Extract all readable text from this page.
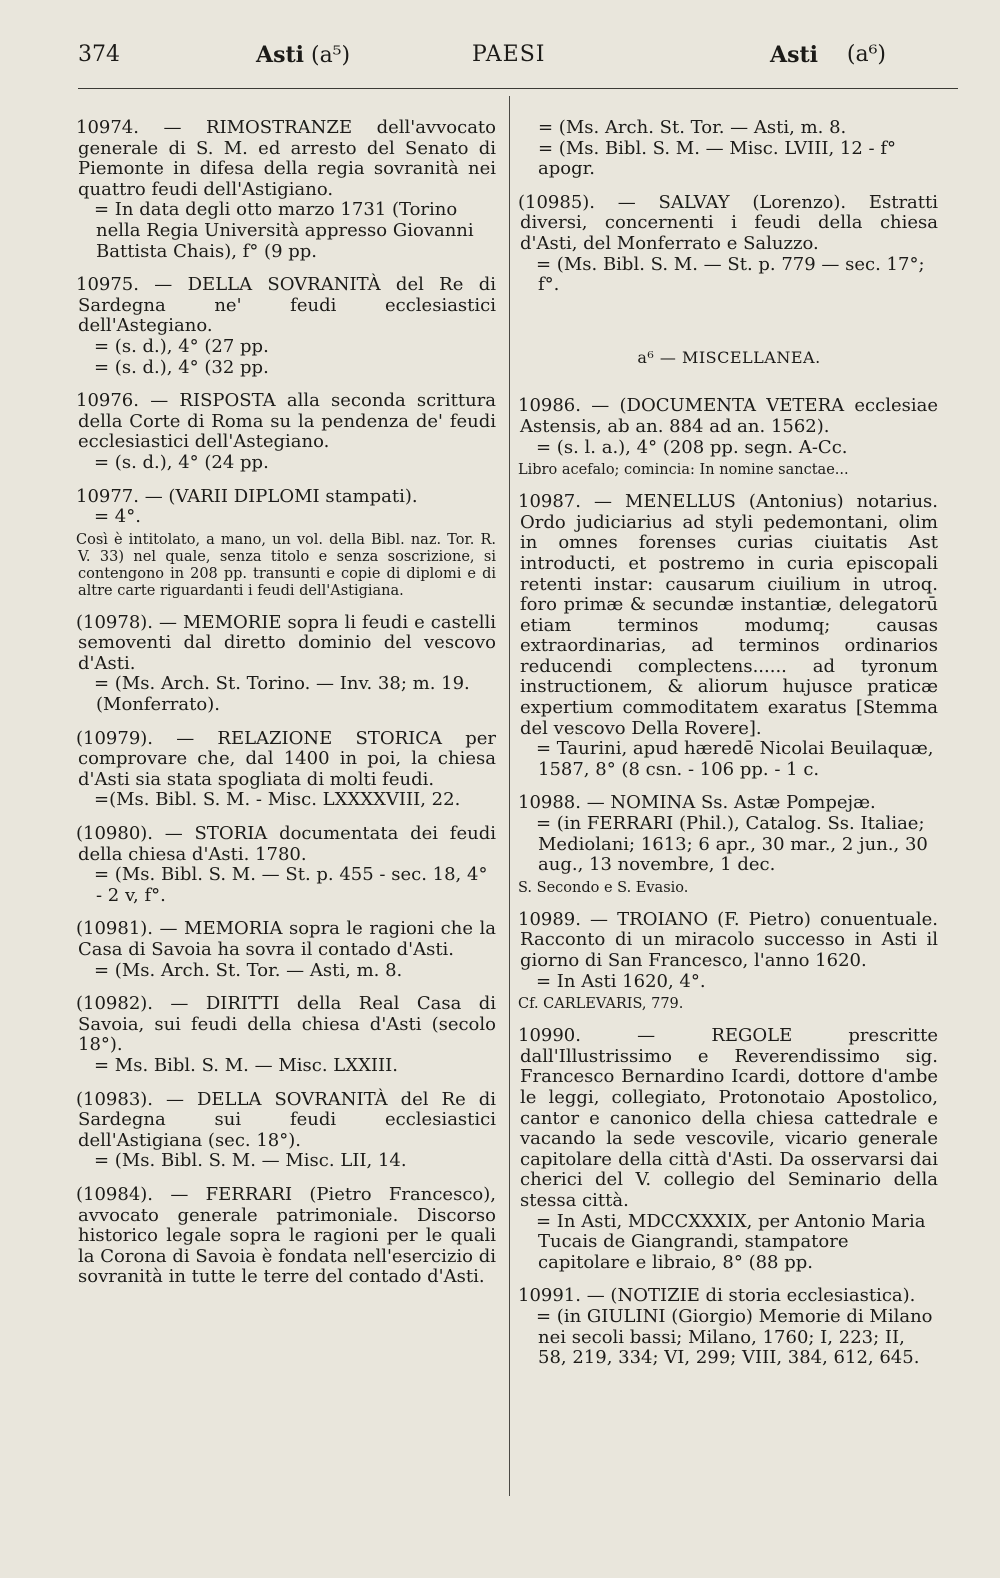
374	Asti (a⁵)	PAESI	Asti (a⁶)
10974. — RIMOSTRANZE dell'avvocato generale di S. M. ed arresto del Senato di Piemonte in difesa della regia sovranità nei quattro feudi dell'Astigiano.
= In data degli otto marzo 1731 (Torino nella Regia Università appresso Giovanni Battista Chais), f° (9 pp.
10975. — DELLA SOVRANITÀ del Re di Sardegna ne' feudi ecclesiastici dell'Astegiano.
= (s. d.), 4° (27 pp.
= (s. d.), 4° (32 pp.
10976. — RISPOSTA alla seconda scrittura della Corte di Roma su la pendenza de' feudi ecclesiastici dell'Astegiano.
= (s. d.), 4° (24 pp.
10977. — (VARII DIPLOMI stampati).
= 4°.
Così è intitolato, a mano, un vol. della Bibl. naz. Tor. R. V. 33) nel quale, senza titolo e senza soscrizione, si contengono in 208 pp. transunti e copie di diplomi e di altre carte riguardanti i feudi dell'Astigiana.
(10978). — MEMORIE sopra li feudi e castelli semoventi dal diretto dominio del vescovo d'Asti.
= (Ms. Arch. St. Torino. — Inv. 38; m. 19. (Monferrato).
(10979). — RELAZIONE STORICA per comprovare che, dal 1400 in poi, la chiesa d'Asti sia stata spogliata di molti feudi.
=(Ms. Bibl. S. M. - Misc. LXXXXVIII, 22.
(10980). — STORIA documentata dei feudi della chiesa d'Asti. 1780.
= (Ms. Bibl. S. M. — St. p. 455 - sec. 18, 4° - 2 v, f°.
(10981). — MEMORIA sopra le ragioni che la Casa di Savoia ha sovra il contado d'Asti.
= (Ms. Arch. St. Tor. — Asti, m. 8.
(10982). — DIRITTI della Real Casa di Savoia, sui feudi della chiesa d'Asti (secolo 18°).
= Ms. Bibl. S. M. — Misc. LXXIII.
(10983). — DELLA SOVRANITÀ del Re di Sardegna sui feudi ecclesiastici dell'Astigiana (sec. 18°).
= (Ms. Bibl. S. M. — Misc. LII, 14.
(10984). — FERRARI (Pietro Francesco), avvocato generale patrimoniale. Discorso historico legale sopra le ragioni per le quali la Corona di Savoia è fondata nell'esercizio di sovranità in tutte le terre del contado d'Asti.
= (Ms. Arch. St. Tor. — Asti, m. 8.
= (Ms. Bibl. S. M. — Misc. LVIII, 12 - f° apogr.
(10985). — SALVAY (Lorenzo). Estratti diversi, concernenti i feudi della chiesa d'Asti, del Monferrato e Saluzzo.
= (Ms. Bibl. S. M. — St. p. 779 — sec. 17°; f°.
a⁶ — MISCELLANEA.
10986. — (DOCUMENTA VETERA ecclesiae Astensis, ab an. 884 ad an. 1562).
= (s. l. a.), 4° (208 pp. segn. A-Cc.
Libro acefalo; comincia: In nomine sanctae...
10987. — MENELLUS (Antonius) notarius. Ordo judiciarius ad styli pedemontani, olim in omnes forenses curias ciuitatis Ast introducti, et postremo in curia episcopali retenti instar: causarum ciuilium in utroq. foro primæ & secundæ instantiæ, delegatorū etiam terminos modumq; causas extraordinarias, ad terminos ordinarios reducendi complectens...... ad tyronum instructionem, & aliorum hujusce praticæ expertium commoditatem exaratus [Stemma del vescovo Della Rovere].
= Taurini, apud hæredē Nicolai Beuilaquæ, 1587, 8° (8 csn. - 106 pp. - 1 c.
10988. — NOMINA Ss. Astæ Pompejæ.
= (in FERRARI (Phil.), Catalog. Ss. Italiae; Mediolani; 1613; 6 apr., 30 mar., 2 jun., 30 aug., 13 novembre, 1 dec.
S. Secondo e S. Evasio.
10989. — TROIANO (F. Pietro) conuentuale. Racconto di un miracolo successo in Asti il giorno di San Francesco, l'anno 1620.
= In Asti 1620, 4°.
Cf. CARLEVARIS, 779.
10990. — REGOLE prescritte dall'Illustrissimo e Reverendissimo sig. Francesco Bernardino Icardi, dottore d'ambe le leggi, collegiato, Protonotaio Apostolico, cantor e canonico della chiesa cattedrale e vacando la sede vescovile, vicario generale capitolare della città d'Asti. Da osservarsi dai cherici del V. collegio del Seminario della stessa città.
= In Asti, MDCCXXXIX, per Antonio Maria Tucais de Giangrandi, stampatore capitolare e libraio, 8° (88 pp.
10991. — (NOTIZIE di storia ecclesiastica).
= (in GIULINI (Giorgio) Memorie di Milano nei secoli bassi; Milano, 1760; I, 223; II, 58, 219, 334; VI, 299; VIII, 384, 612, 645.
